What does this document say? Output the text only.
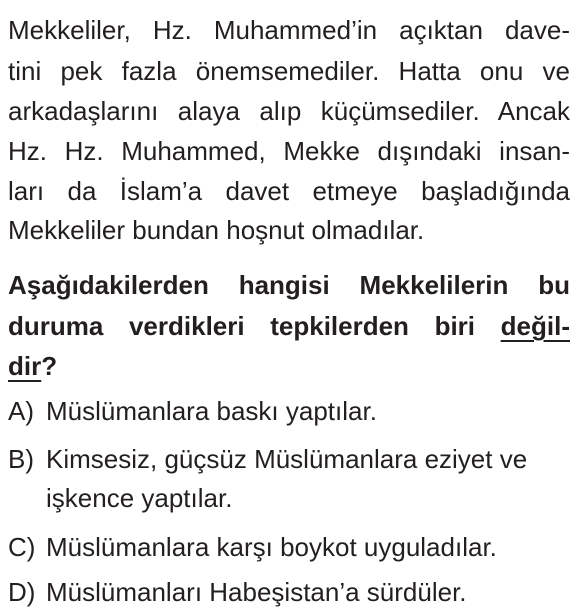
Mekkeliler, Hz. Muhammed’in açıktan dave-
tini pek fazla önemsemediler. Hatta onu ve
arkadaşlarını alaya alıp küçümsediler. Ancak
Hz. Hz. Muhammed, Mekke dışındaki insan-
ları da İslam’a davet etmeye başladığında
Mekkeliler bundan hoşnut olmadılar.
Aşağıdakilerden hangisi Mekkelilerin bu
duruma verdikleri tepkilerden biri değil-
dir?
A) Müslümanlara baskı yaptılar.
B) Kimsesiz, güçsüz Müslümanlara eziyet ve
işkence yaptılar.
C) Müslümanlara karşı boykot uyguladılar.
D) Müslümanları Habeşistan’a sürdüler.
